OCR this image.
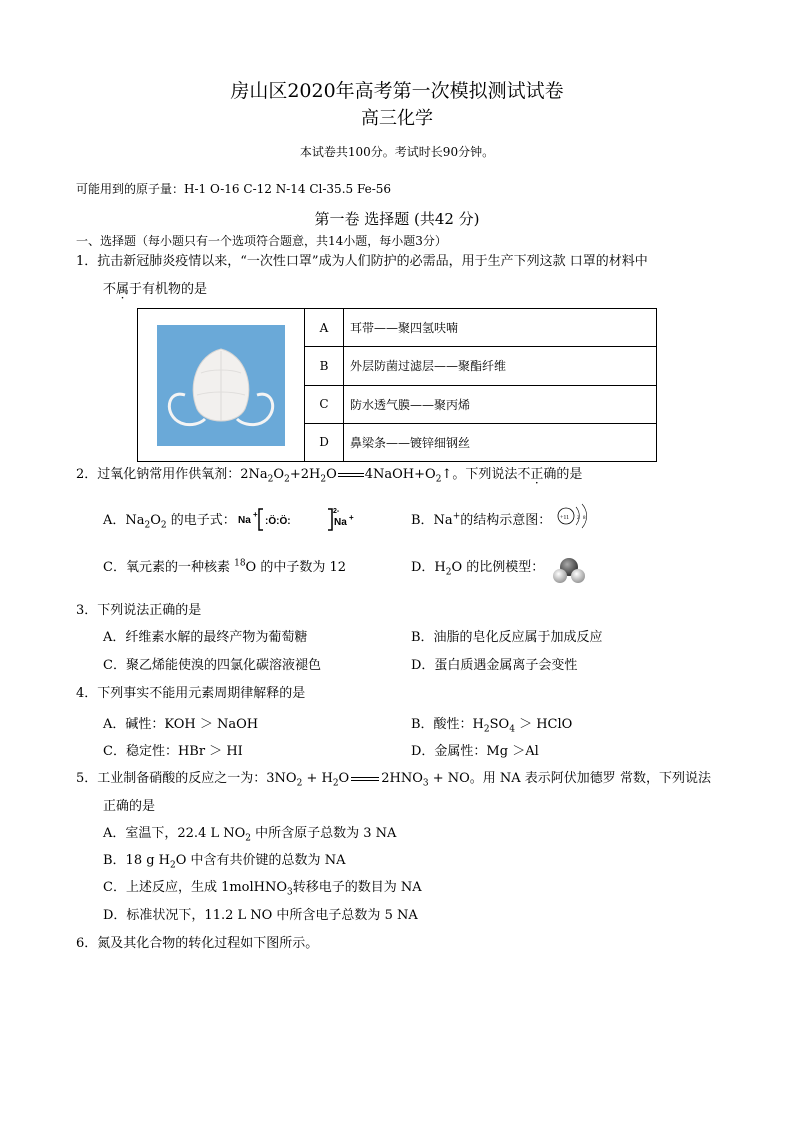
房山区2020年高考第一次模拟测试试卷
高三化学
本试卷共100分。考试时长90分钟。
可能用到的原子量：H-1 O-16 C-12 N-14 Cl-35.5 Fe-56
第一卷 选择题 (共42 分)
一、选择题（每小题只有一个选项符合题意，共14小题，每小题3分）
1．抗击新冠肺炎疫情以来，“一次性口罩”成为人们防护的必需品，用于生产下列这款 口罩的材料中
不属于有机物的是
	A	耳带——聚四氢呋喃
	B	外层防菌过滤层——聚酯纤维
	C	防水透气膜——聚丙烯
	D	鼻梁条——镀锌细钢丝
2．过氧化钠常用作供氧剂：$2Na_2O_2+2H_2O$ $4NaOH+O_2↑$。下列说法不正确的是
A．$Na_2O_2$ 的电子式： Na
+
:Ö:Ö:
2-
Na +	B．Na+的结构示意图： +11 2 8
C．氧元素的一种核素 $^{18}$O 的中子数为 12	D．$H_2O$ 的比例模型：
3．下列说法正确的是
A．纤维素水解的最终产物为葡萄糖	B．油脂的皂化反应属于加成反应
C．聚乙烯能使溴的四氯化碳溶液褪色	D．蛋白质遇金属离子会变性
4．下列事实不能用元素周期律解释的是
A．碱性：KOH ＞ NaOH	B．酸性：$H_2SO_4$ ＞ HClO
C．稳定性：HBr ＞ HI	D．金属性：Mg ＞Al
5．工业制备硝酸的反应之一为：$3NO_2 + H_2O$ $2HNO_3$ + NO。用 NA 表示阿伏加德罗 常数，下列说法
正确的是
A．室温下，22.4 L $NO_2$ 中所含原子总数为 3 NA
B．18 g $H_2O$ 中含有共价键的总数为 NA
C．上述反应，生成 1molHNO$_3$转移电子的数目为 NA
D．标准状况下，11.2 L NO 中所含电子总数为 5 NA
6．氮及其化合物的转化过程如下图所示。
